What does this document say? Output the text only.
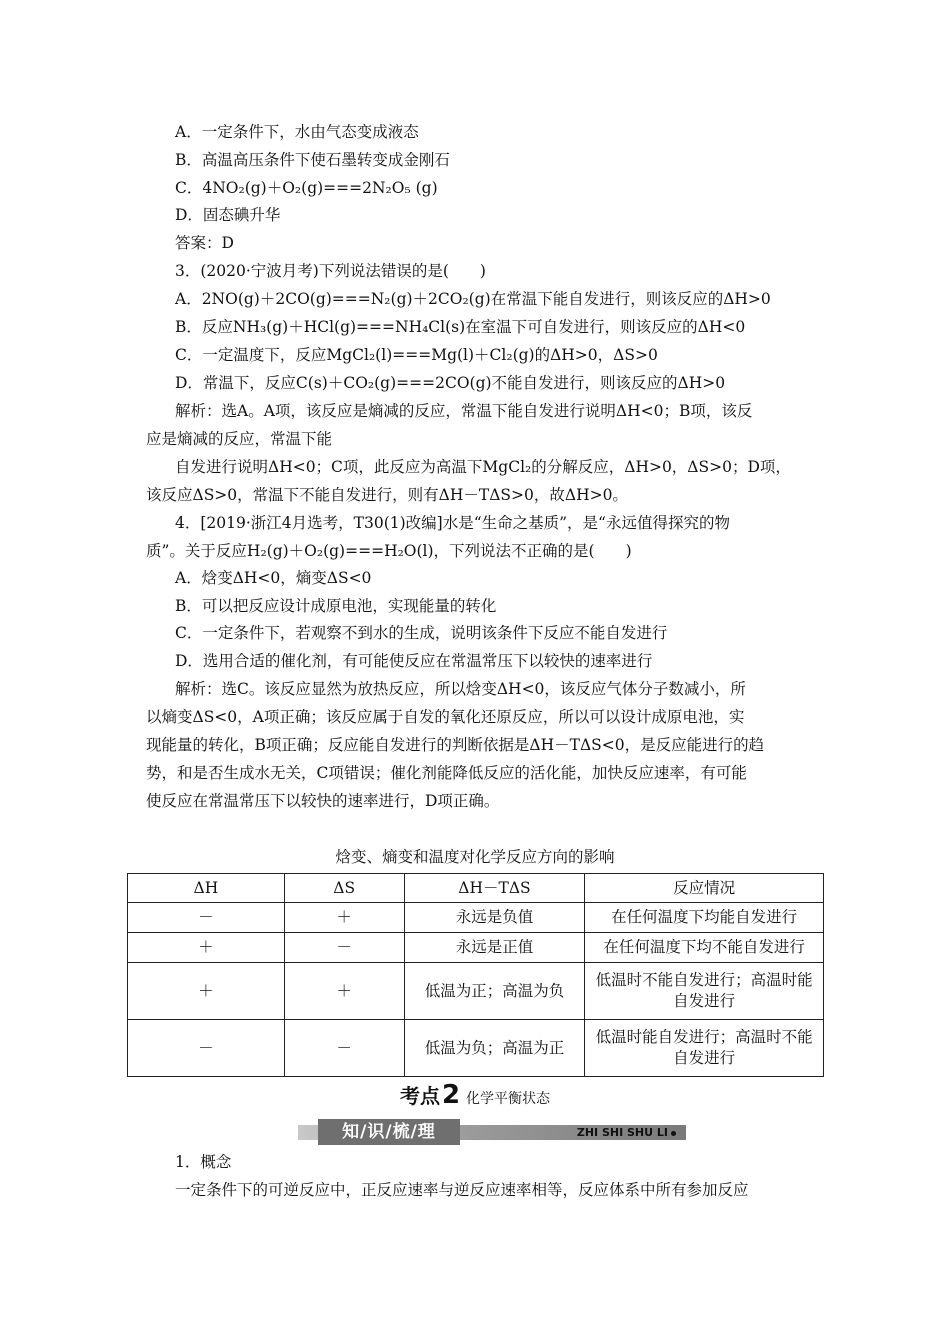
A．一定条件下，水由气态变成液态
B．高温高压条件下使石墨转变成金刚石
C．4NO₂(g)＋O₂(g)===2N₂O₅ (g)
D．固态碘升华
答案：D
3．(2020·宁波月考)下列说法错误的是(　　)
A．2NO(g)＋2CO(g)===N₂(g)＋2CO₂(g)在常温下能自发进行，则该反应的ΔH>0
B．反应NH₃(g)＋HCl(g)===NH₄Cl(s)在室温下可自发进行，则该反应的ΔH<0
C．一定温度下，反应MgCl₂(l)===Mg(l)＋Cl₂(g)的ΔH>0，ΔS>0
D．常温下，反应C(s)＋CO₂(g)===2CO(g)不能自发进行，则该反应的ΔH>0
解析：选A。A项，该反应是熵减的反应，常温下能自发进行说明ΔH<0；B项，该反
应是熵减的反应，常温下能
自发进行说明ΔH<0；C项，此反应为高温下MgCl₂的分解反应，ΔH>0，ΔS>0；D项，
该反应ΔS>0，常温下不能自发进行，则有ΔH－TΔS>0，故ΔH>0。
4．[2019·浙江4月选考，T30(1)改编]水是“生命之基质”，是“永远值得探究的物
质”。关于反应H₂(g)＋O₂(g)===H₂O(l)，下列说法不正确的是(　　)
A．焓变ΔH<0，熵变ΔS<0
B．可以把反应设计成原电池，实现能量的转化
C．一定条件下，若观察不到水的生成，说明该条件下反应不能自发进行
D．选用合适的催化剂，有可能使反应在常温常压下以较快的速率进行
解析：选C。该反应显然为放热反应，所以焓变ΔH<0，该反应气体分子数减小，所
以熵变ΔS<0，A项正确；该反应属于自发的氧化还原反应，所以可以设计成原电池，实
现能量的转化，B项正确；反应能自发进行的判断依据是ΔH－TΔS<0，是反应能进行的趋
势，和是否生成水无关，C项错误；催化剂能降低反应的活化能，加快反应速率，有可能
使反应在常温常压下以较快的速率进行，D项正确。
焓变、熵变和温度对化学反应方向的影响
ΔH	ΔS	ΔH－TΔS	反应情况
－	＋	永远是负值	在任何温度下均能自发进行
＋	－	永远是正值	在任何温度下均不能自发进行
＋	＋	低温为正；高温为负	低温时不能自发进行；高温时能自发进行
－	－	低温为负；高温为正	低温时能自发进行；高温时不能自发进行
考点2 化学平衡状态
知/识/梳/理	ZHI SHI SHU LI
1．概念
一定条件下的可逆反应中，正反应速率与逆反应速率相等，反应体系中所有参加反应
